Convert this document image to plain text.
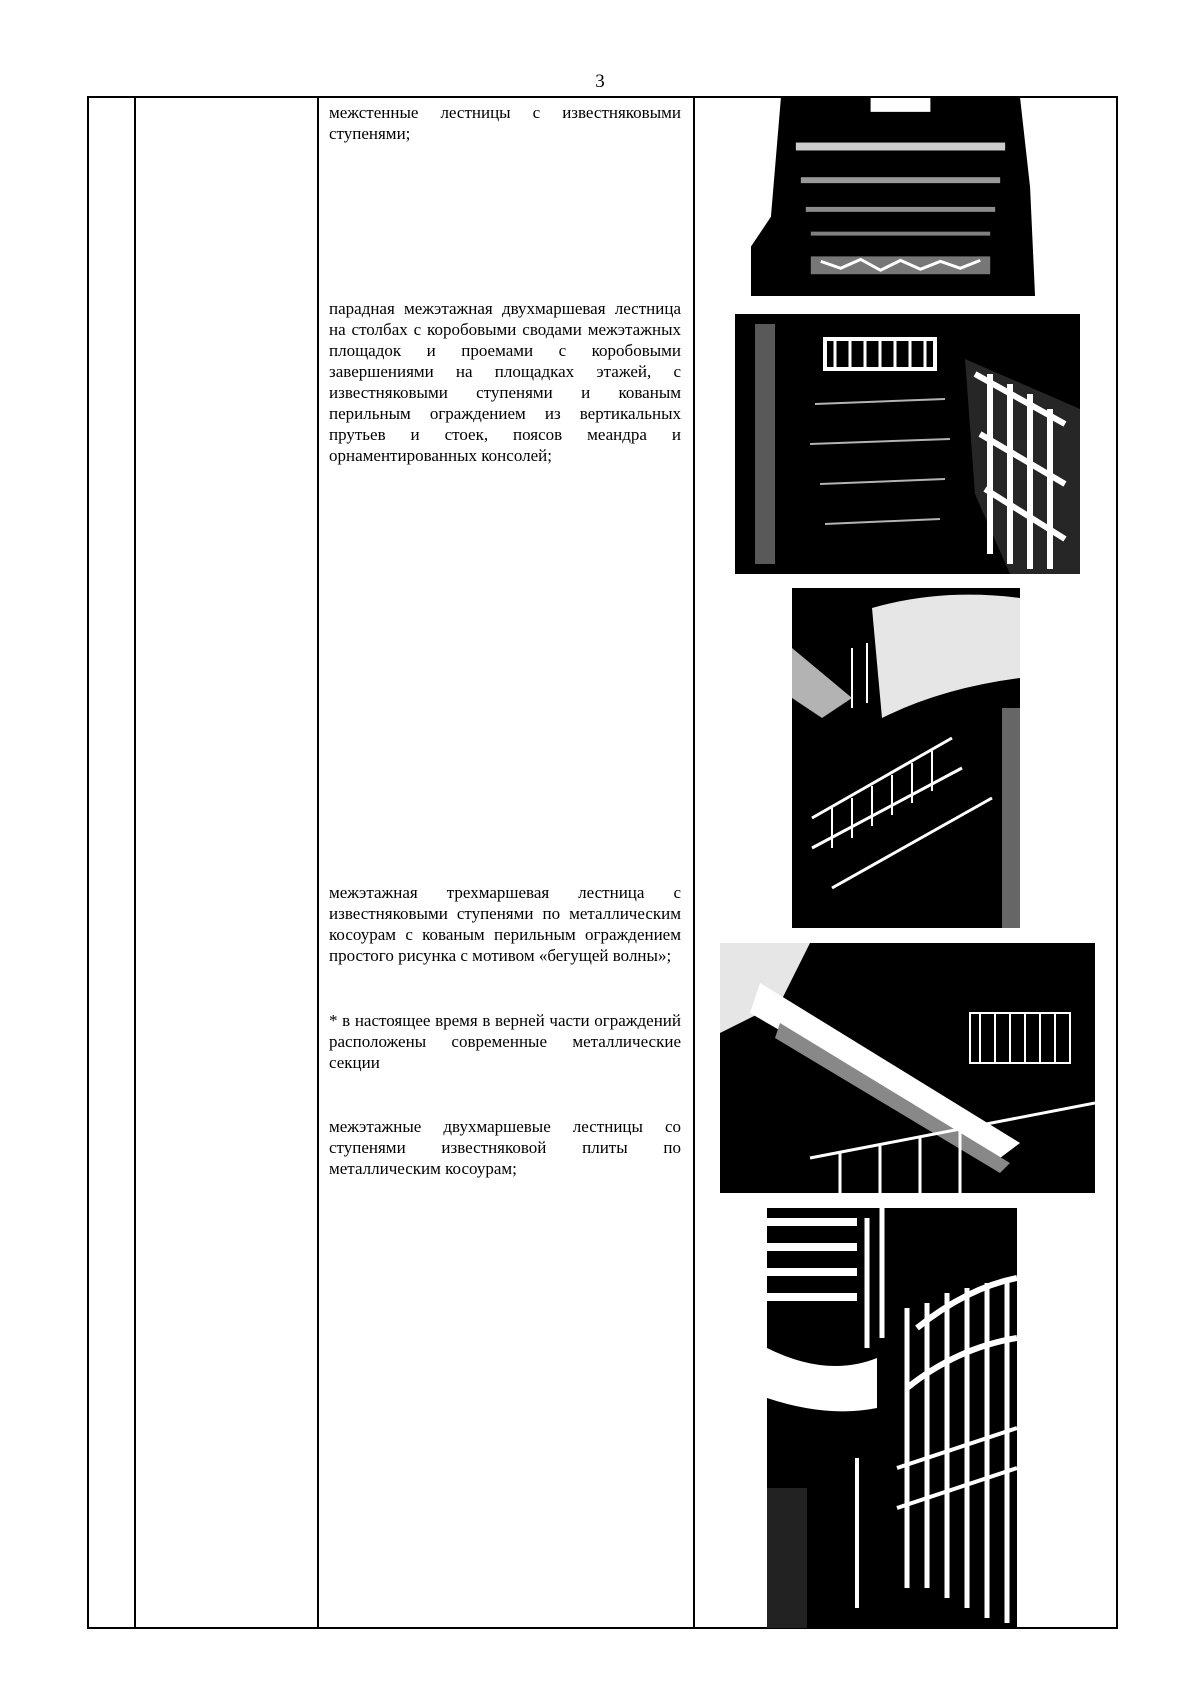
3
межстенные лестницы с известняковыми ступенями;
парадная межэтажная двухмаршевая лестница на столбах с коробовыми сводами межэтажных площадок и проемами с коробовыми завершениями на площадках этажей, с известняковыми ступенями и кованым перильным ограждением из вертикальных прутьев и стоек, поясов меандра и орнаментированных консолей;
межэтажная трехмаршевая лестница с известняковыми ступенями по металлическим косоурам с кованым перильным ограждением простого рисунка с мотивом «бегущей волны»;
* в настоящее время в верней части ограждений расположены современные металлические секции
межэтажные двухмаршевые лестницы со ступенями известняковой плиты по металлическим косоурам;
